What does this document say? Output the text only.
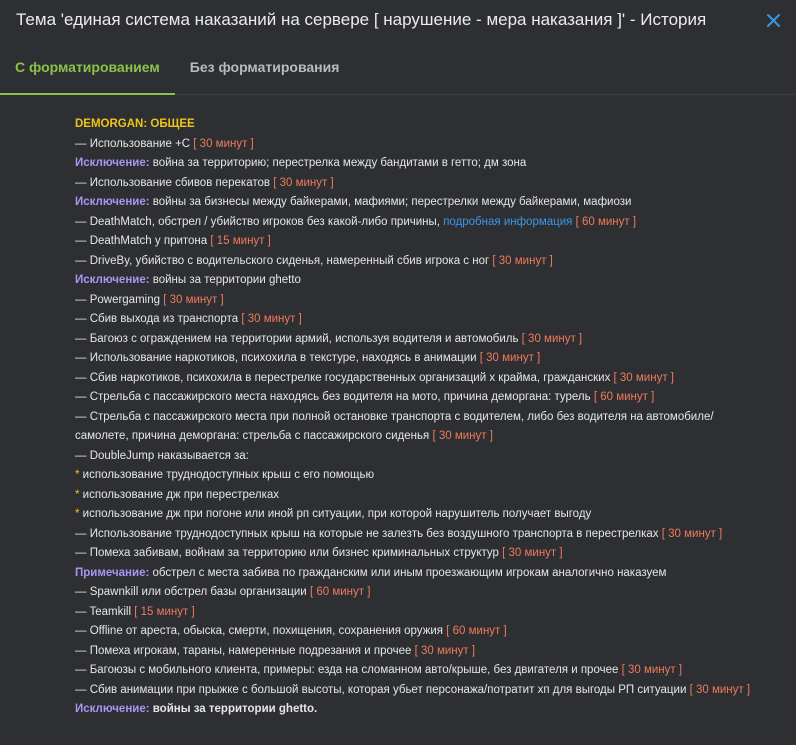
Тема 'единая система наказаний на сервере [ нарушение - мера наказания ]' - История
С форматированием	Без форматирования
DEMORGAN: ОБЩЕЕ
— Использование +C [ 30 минут ]
Исключение: война за территорию; перестрелка между бандитами в гетто; дм зона
— Использование сбивов перекатов [ 30 минут ]
Исключение: войны за бизнесы между байкерами, мафиями; перестрелки между байкерами, мафиози
— DeathMatch, обстрел / убийство игроков без какой-либо причины, подробная информация [ 60 минут ]
— DeathMatch у притона [ 15 минут ]
— DriveBy, убийство с водительского сиденья, намеренный сбив игрока с ног [ 30 минут ]
Исключение: войны за территории ghetto
— Powergaming [ 30 минут ]
— Сбив выхода из транспорта [ 30 минут ]
— Багоюз с ограждением на территории армий, используя водителя и автомобиль [ 30 минут ]
— Использование наркотиков, психохила в текстуре, находясь в анимации [ 30 минут ]
— Сбив наркотиков, психохила в перестрелке государственных организаций х крайма, гражданских [ 30 минут ]
— Стрельба с пассажирского места находясь без водителя на мото, причина деморгана: турель [ 60 минут ]
— Стрельба с пассажирского места при полной остановке транспорта с водителем, либо без водителя на автомобиле/ самолете, причина деморгана: стрельба с пассажирского сиденья [ 30 минут ]
— DoubleJump наказывается за:
* использование труднодоступных крыш с его помощью
* использование дж при перестрелках
* использование дж при погоне или иной рп ситуации, при которой нарушитель получает выгоду
— Использование труднодоступных крыш на которые не залезть без воздушного транспорта в перестрелках [ 30 минут ]
— Помеха забивам, войнам за территорию или бизнес криминальных структур [ 30 минут ]
Примечание: обстрел с места забива по гражданским или иным проезжающим игрокам аналогично наказуем
— Spawnkill или обстрел базы организации [ 60 минут ]
— Teamkill [ 15 минут ]
— Offline от ареста, обыска, смерти, похищения, сохранения оружия [ 60 минут ]
— Помеха игрокам, тараны, намеренные подрезания и прочее [ 30 минут ]
— Багоюзы с мобильного клиента, примеры: езда на сломанном авто/крыше, без двигателя и прочее [ 30 минут ]
— Сбив анимации при прыжке с большой высоты, которая убьет персонажа/потратит хп для выгоды РП ситуации [ 30 минут ]
Исключение: войны за территории ghetto.
